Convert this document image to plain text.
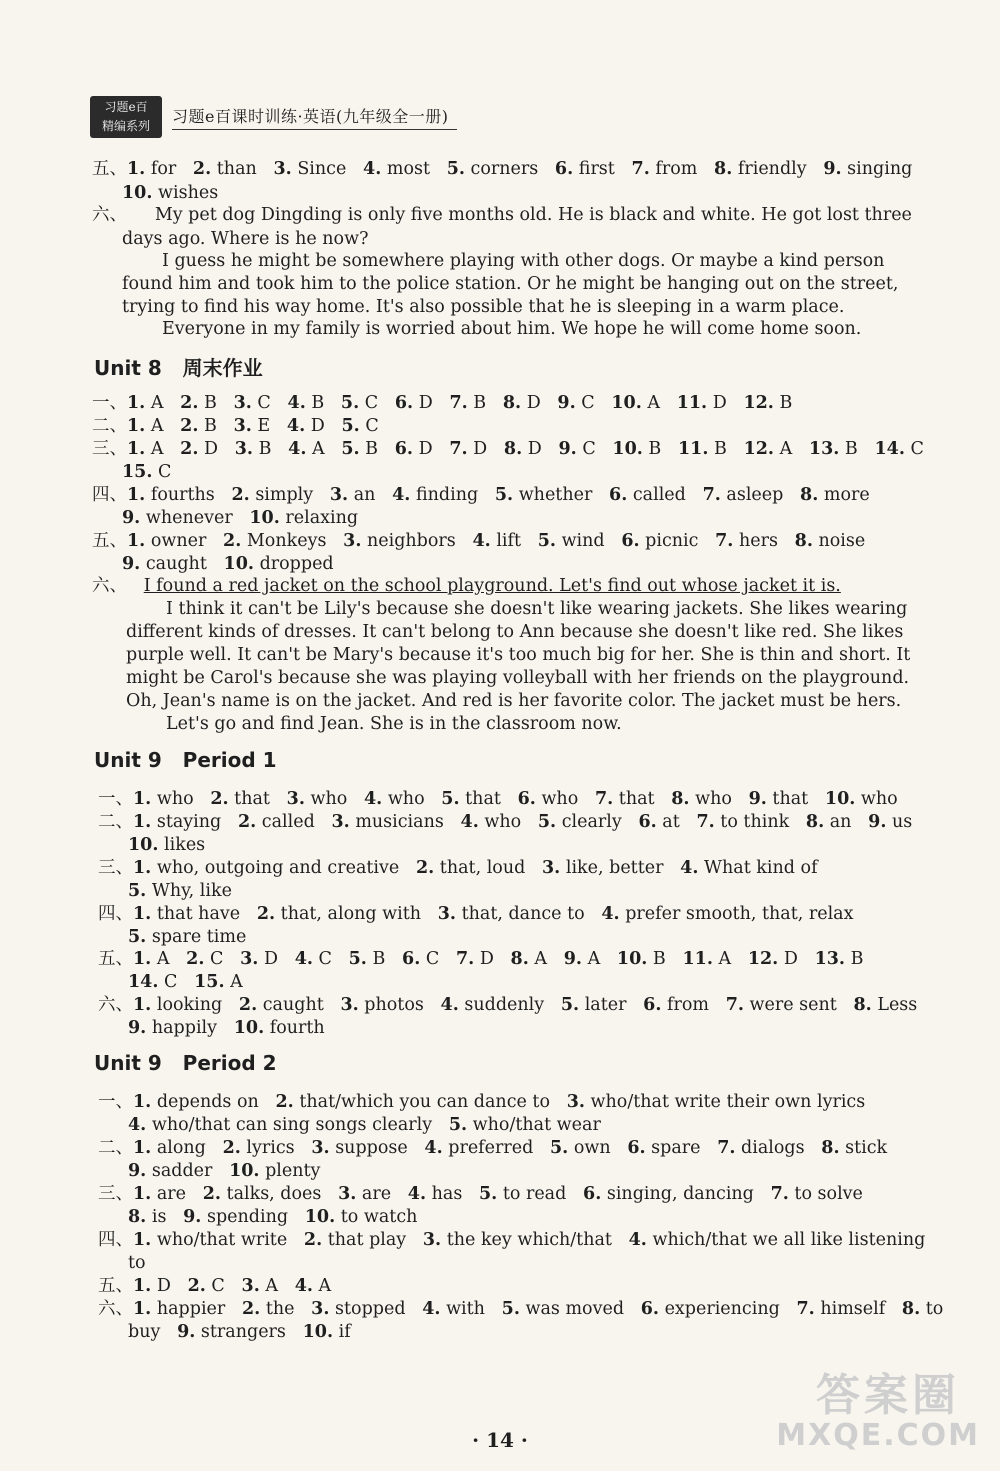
习题e百
精编系列	习题e百课时训练·英语(九年级全一册)
Unit 8   周末作业
Unit 9   Period 1
Unit 9   Period 2
五、1. for   2. than   3. Since   4. most   5. corners   6. first   7. from   8. friendly   9. singing
10. wishes
六、     My pet dog Dingding is only five months old. He is black and white. He got lost three
days ago. Where is he now?
I guess he might be somewhere playing with other dogs. Or maybe a kind person
found him and took him to the police station. Or he might be hanging out on the street,
trying to find his way home. It's also possible that he is sleeping in a warm place.
Everyone in my family is worried about him. We hope he will come home soon.
一、1. A   2. B   3. C   4. B   5. C   6. D   7. B   8. D   9. C   10. A   11. D   12. B
二、1. A   2. B   3. E   4. D   5. C
三、1. A   2. D   3. B   4. A   5. B   6. D   7. D   8. D   9. C   10. B   11. B   12. A   13. B   14. C
15. C
四、1. fourths   2. simply   3. an   4. finding   5. whether   6. called   7. asleep   8. more
9. whenever   10. relaxing
五、1. owner   2. Monkeys   3. neighbors   4. lift   5. wind   6. picnic   7. hers   8. noise
9. caught   10. dropped
六、   I found a red jacket on the school playground. Let's find out whose jacket it is.
I think it can't be Lily's because she doesn't like wearing jackets. She likes wearing
different kinds of dresses. It can't belong to Ann because she doesn't like red. She likes
purple well. It can't be Mary's because it's too much big for her. She is thin and short. It
might be Carol's because she was playing volleyball with her friends on the playground.
Oh, Jean's name is on the jacket. And red is her favorite color. The jacket must be hers.
Let's go and find Jean. She is in the classroom now.
一、1. who   2. that   3. who   4. who   5. that   6. who   7. that   8. who   9. that   10. who
二、1. staying   2. called   3. musicians   4. who   5. clearly   6. at   7. to think   8. an   9. us
10. likes
三、1. who, outgoing and creative   2. that, loud   3. like, better   4. What kind of
5. Why, like
四、1. that have   2. that, along with   3. that, dance to   4. prefer smooth, that, relax
5. spare time
五、1. A   2. C   3. D   4. C   5. B   6. C   7. D   8. A   9. A   10. B   11. A   12. D   13. B
14. C   15. A
六、1. looking   2. caught   3. photos   4. suddenly   5. later   6. from   7. were sent   8. Less
9. happily   10. fourth
一、1. depends on   2. that/which you can dance to   3. who/that write their own lyrics
4. who/that can sing songs clearly   5. who/that wear
二、1. along   2. lyrics   3. suppose   4. preferred   5. own   6. spare   7. dialogs   8. stick
9. sadder   10. plenty
三、1. are   2. talks, does   3. are   4. has   5. to read   6. singing, dancing   7. to solve
8. is   9. spending   10. to watch
四、1. who/that write   2. that play   3. the key which/that   4. which/that we all like listening
to
五、1. D   2. C   3. A   4. A
六、1. happier   2. the   3. stopped   4. with   5. was moved   6. experiencing   7. himself   8. to
buy   9. strangers   10. if
· 14 ·
答案圈
MXQE.COM
